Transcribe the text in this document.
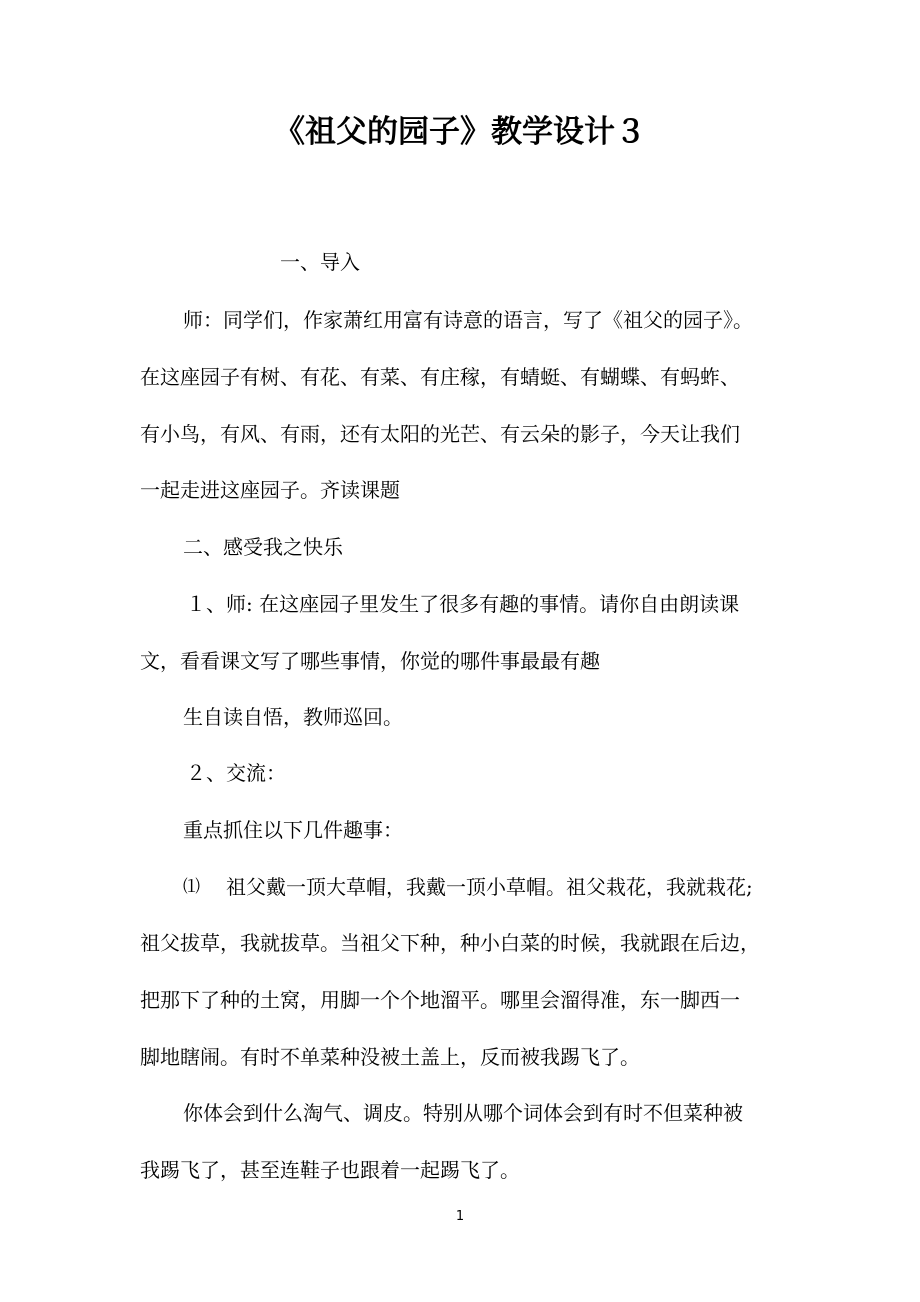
《祖父的园子》教学设计３
一、导入
师：同学们，作家萧红用富有诗意的语言，写了《祖父的园子》。
在这座园子有树、有花、有菜、有庄稼，有蜻蜓、有蝴蝶、有蚂蚱、
有小鸟，有风、有雨，还有太阳的光芒、有云朵的影子，今天让我们
一起走进这座园子。齐读课题
二、感受我之快乐
１、师: 在这座园子里发生了很多有趣的事情。请你自由朗读课
文，看看课文写了哪些事情，你觉的哪件事最最有趣
生自读自悟，教师巡回。
２、交流：
重点抓住以下几件趣事：
⑴ 祖父戴一顶大草帽，我戴一顶小草帽。祖父栽花，我就栽花;
祖父拔草，我就拔草。当祖父下种，种小白菜的时候，我就跟在后边，
把那下了种的土窝，用脚一个个地溜平。哪里会溜得准，东一脚西一
脚地瞎闹。有时不单菜种没被土盖上，反而被我踢飞了。
你体会到什么淘气、调皮。特别从哪个词体会到有时不但菜种被
我踢飞了，甚至连鞋子也跟着一起踢飞了。
1
